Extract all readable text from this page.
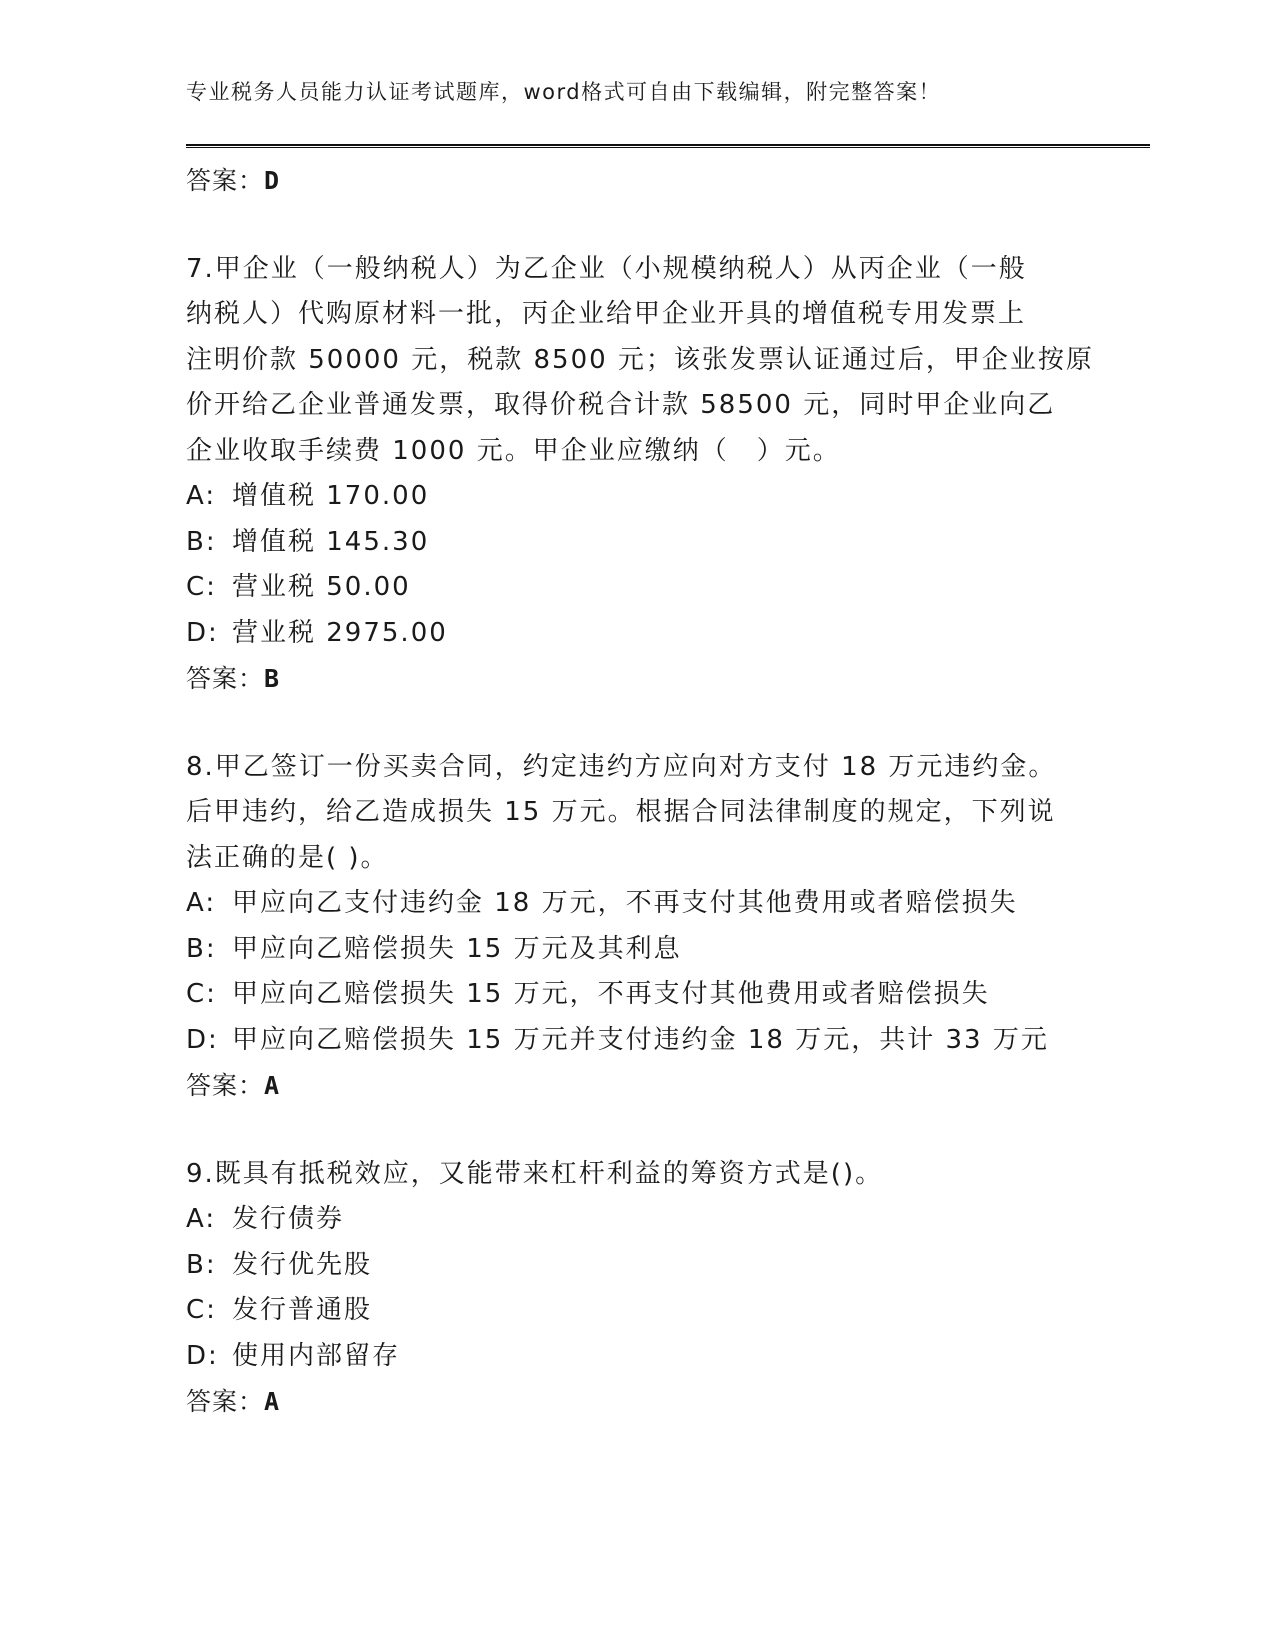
专业税务人员能力认证考试题库，word格式可自由下载编辑，附完整答案！
答案：D
7.甲企业（一般纳税人）为乙企业（小规模纳税人）从丙企业（一般
纳税人）代购原材料一批，丙企业给甲企业开具的增值税专用发票上
注明价款 50000 元，税款 8500 元；该张发票认证通过后，甲企业按原
价开给乙企业普通发票，取得价税合计款 58500 元，同时甲企业向乙
企业收取手续费 1000 元。甲企业应缴纳（　）元。
A: 增值税 170.00
B: 增值税 145.30
C: 营业税 50.00
D: 营业税 2975.00
答案：B
8.甲乙签订一份买卖合同，约定违约方应向对方支付 18 万元违约金。
后甲违约，给乙造成损失 15 万元。根据合同法律制度的规定，下列说
法正确的是( )。
A: 甲应向乙支付违约金 18 万元，不再支付其他费用或者赔偿损失
B: 甲应向乙赔偿损失 15 万元及其利息
C: 甲应向乙赔偿损失 15 万元，不再支付其他费用或者赔偿损失
D: 甲应向乙赔偿损失 15 万元并支付违约金 18 万元，共计 33 万元
答案：A
9.既具有抵税效应，又能带来杠杆利益的筹资方式是()。
A: 发行债券
B: 发行优先股
C: 发行普通股
D: 使用内部留存
答案：A
